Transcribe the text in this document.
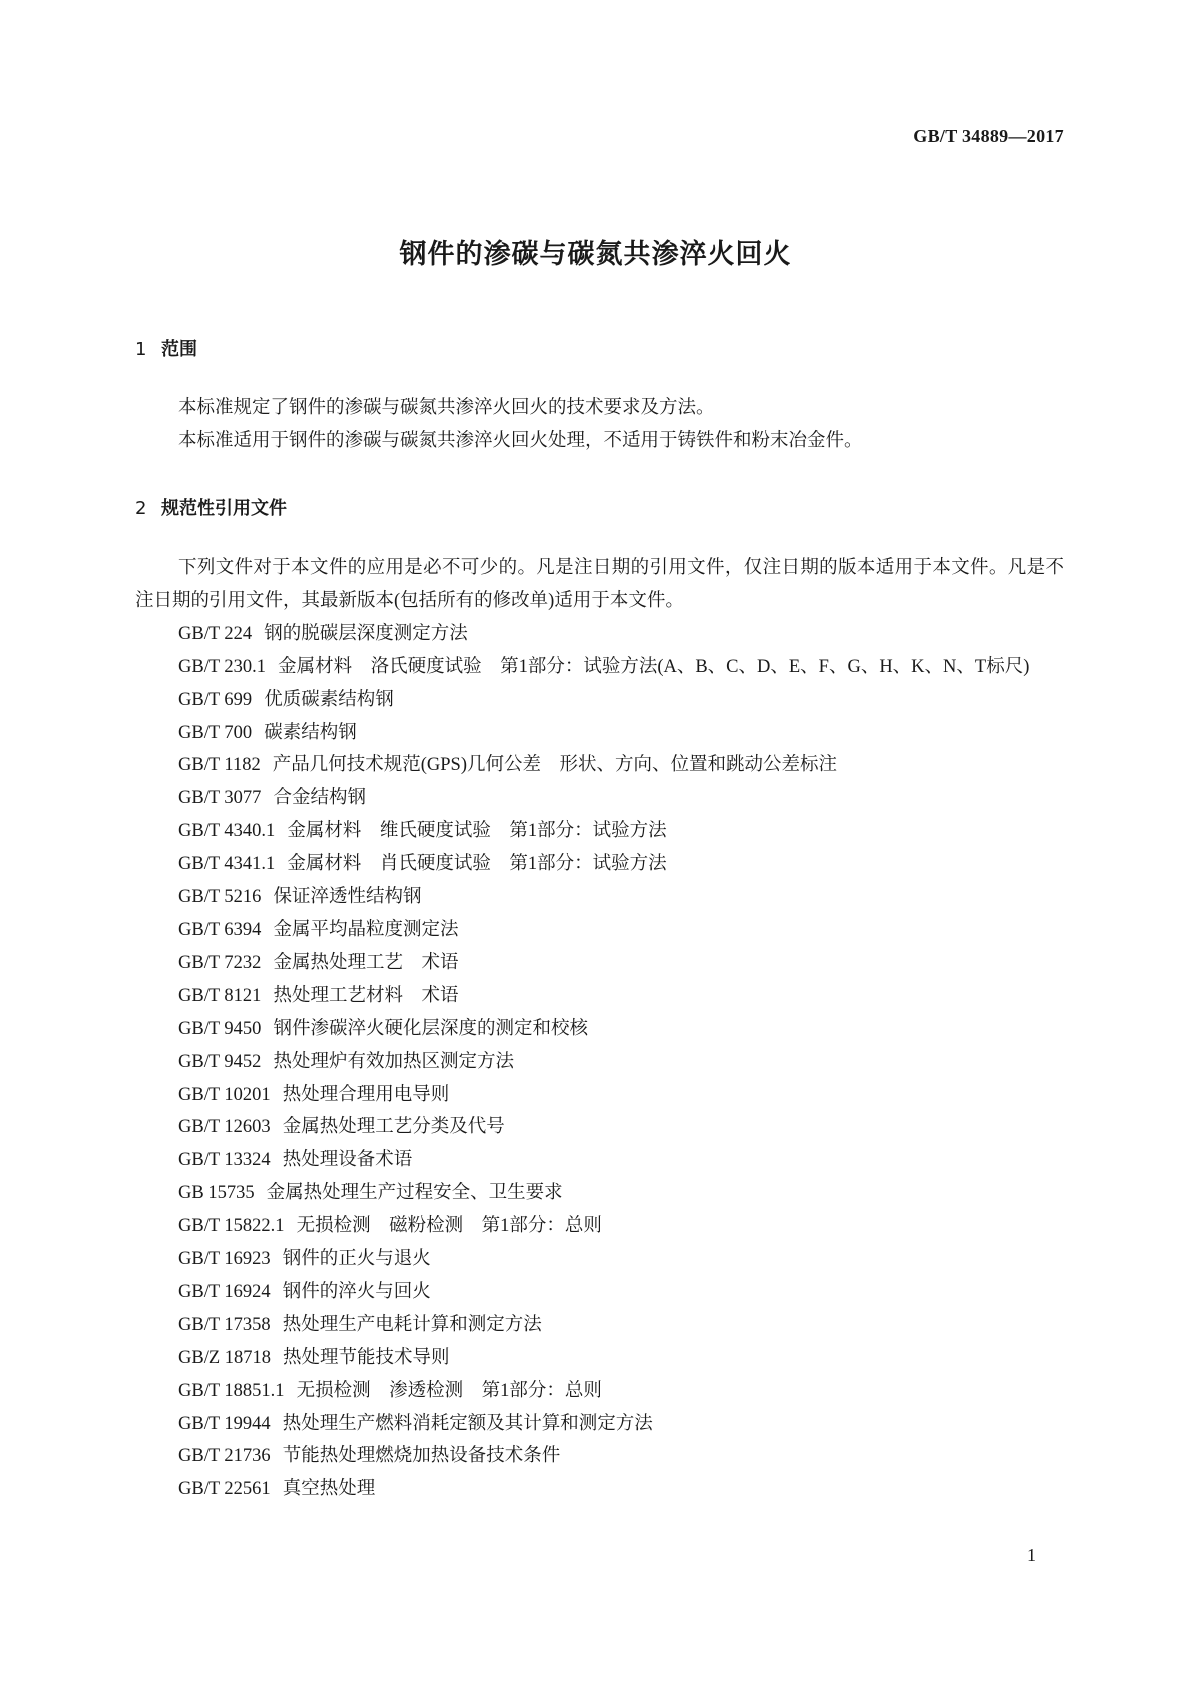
GB/T 34889—2017
钢件的渗碳与碳氮共渗淬火回火
1 范围

本标准规定了钢件的渗碳与碳氮共渗淬火回火的技术要求及方法。

本标准适用于钢件的渗碳与碳氮共渗淬火回火处理，不适用于铸铁件和粉末冶金件。

2 规范性引用文件

下列文件对于本文件的应用是必不可少的。凡是注日期的引用文件，仅注日期的版本适用于本文件。凡是不注日期的引用文件，其最新版本(包括所有的修改单)适用于本文件。

GB/T 224 钢的脱碳层深度测定方法

GB/T 230.1 金属材料　洛氏硬度试验　第1部分：试验方法(A、B、C、D、E、F、G、H、K、N、T标尺)

GB/T 699 优质碳素结构钢

GB/T 700 碳素结构钢

GB/T 1182 产品几何技术规范(GPS)几何公差　形状、方向、位置和跳动公差标注

GB/T 3077 合金结构钢

GB/T 4340.1 金属材料　维氏硬度试验　第1部分：试验方法

GB/T 4341.1 金属材料　肖氏硬度试验　第1部分：试验方法

GB/T 5216 保证淬透性结构钢

GB/T 6394 金属平均晶粒度测定法

GB/T 7232 金属热处理工艺　术语

GB/T 8121 热处理工艺材料　术语

GB/T 9450 钢件渗碳淬火硬化层深度的测定和校核

GB/T 9452 热处理炉有效加热区测定方法

GB/T 10201 热处理合理用电导则

GB/T 12603 金属热处理工艺分类及代号

GB/T 13324 热处理设备术语

GB 15735 金属热处理生产过程安全、卫生要求

GB/T 15822.1 无损检测　磁粉检测　第1部分：总则

GB/T 16923 钢件的正火与退火

GB/T 16924 钢件的淬火与回火

GB/T 17358 热处理生产电耗计算和测定方法

GB/Z 18718 热处理节能技术导则

GB/T 18851.1 无损检测　渗透检测　第1部分：总则

GB/T 19944 热处理生产燃料消耗定额及其计算和测定方法

GB/T 21736 节能热处理燃烧加热设备技术条件

GB/T 22561 真空热处理

1
